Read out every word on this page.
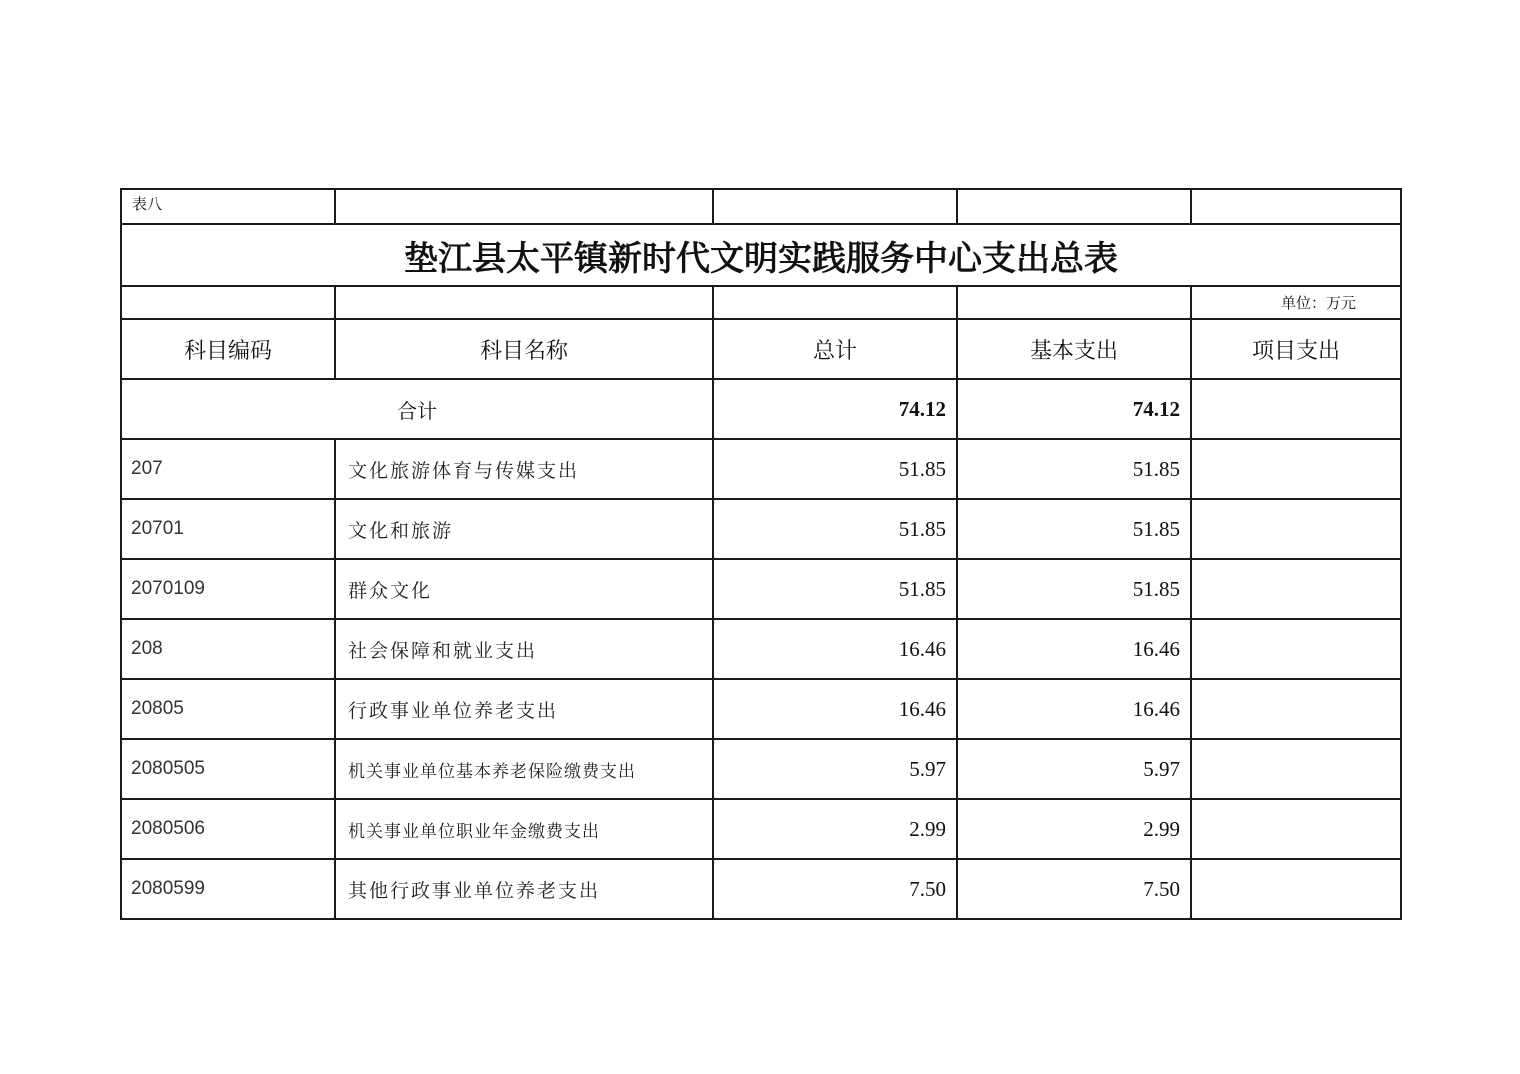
表八				
垫江县太平镇新时代文明实践服务中心支出总表				
				单位：万元
科目编码	科目名称	总计	基本支出	项目支出
合计		74.12	74.12	
207	文化旅游体育与传媒支出	51.85	51.85	
20701	文化和旅游	51.85	51.85	
2070109	群众文化	51.85	51.85	
208	社会保障和就业支出	16.46	16.46	
20805	行政事业单位养老支出	16.46	16.46	
2080505	机关事业单位基本养老保险缴费支出	5.97	5.97	
2080506	机关事业单位职业年金缴费支出	2.99	2.99	
2080599	其他行政事业单位养老支出	7.50	7.50	
